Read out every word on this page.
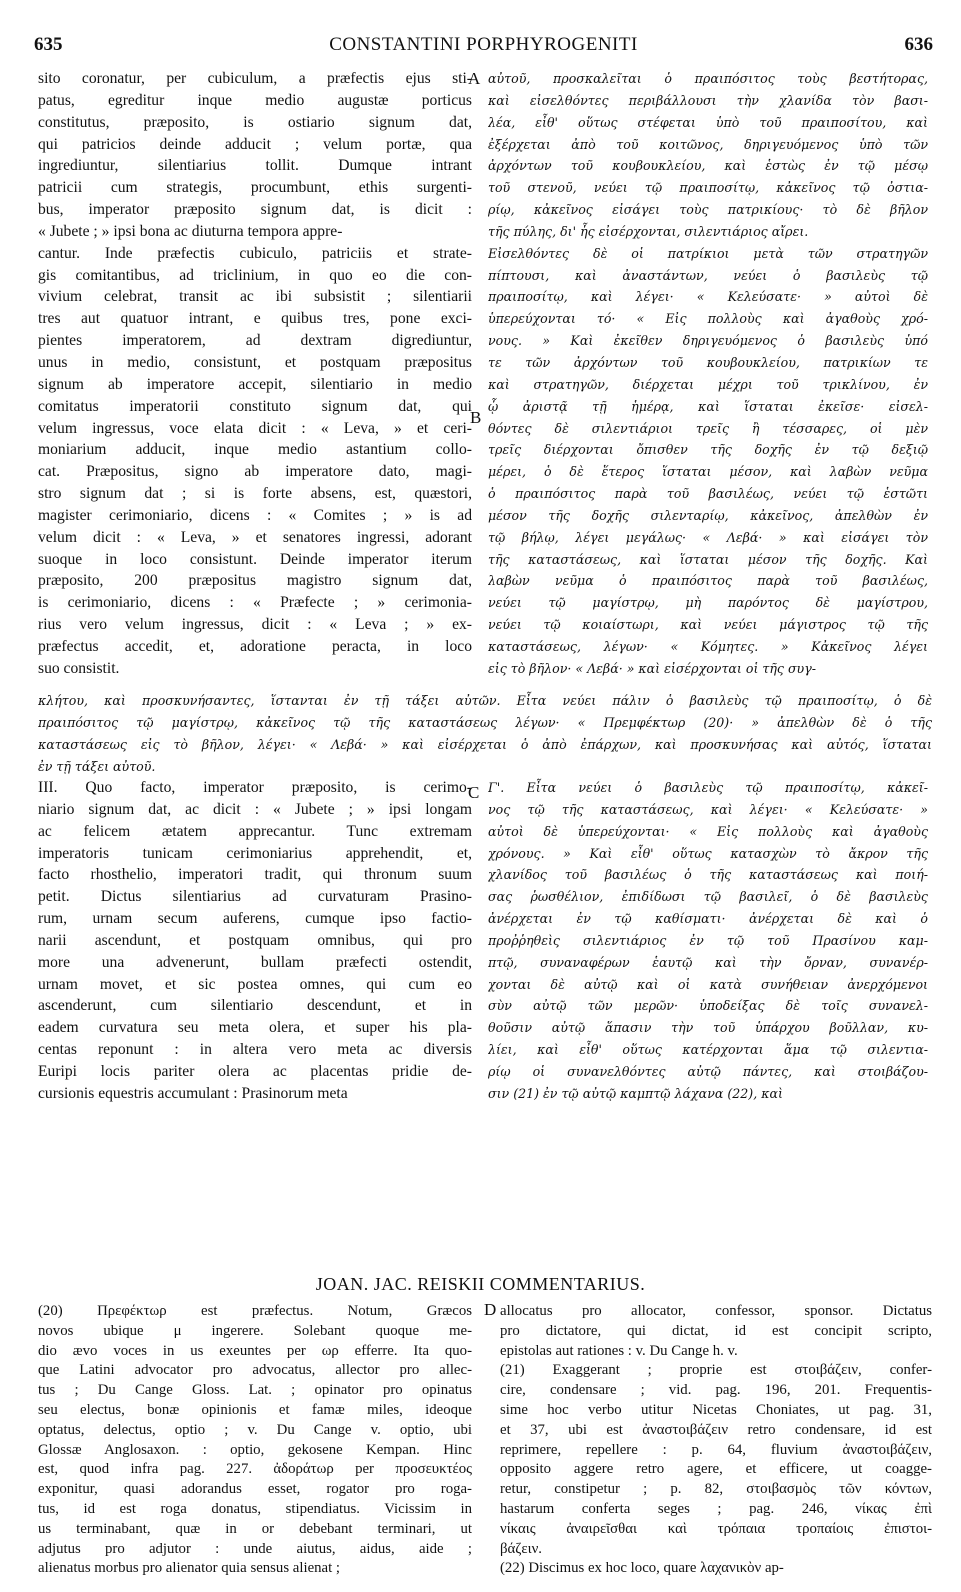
635	CONSTANTINI PORPHYROGENITI	636
sito coronatur, per cubiculum, a præfectis ejus sti-
patus, egreditur inque medio augustæ porticus
constitutus, præposito, is ostiario signum dat,
qui patricios deinde adducit ; velum portæ, qua
ingrediuntur, silentiarius tollit. Dumque intrant
patricii cum strategis, procumbunt, ethis surgenti-
bus, imperator præposito signum dat, is dicit :
« Jubete ; » ipsi bona ac diuturna tempora appre-
cantur. Inde præfectis cubiculo, patriciis et strate-
gis comitantibus, ad triclinium, in quo eo die con-
vivium celebrat, transit ac ibi subsistit ; silentiarii
tres aut quatuor intrant, e quibus tres, pone exci-
pientes imperatorem, ad dextram digrediuntur,
unus in medio, consistunt, et postquam præpositus
signum ab imperatore accepit, silentiario in medio
comitatus imperatorii constituto signum dat, qui
velum ingressus, voce elata dicit : « Leva, » et ceri-
moniarium adducit, inque medio astantium collo-
cat. Præpositus, signo ab imperatore dato, magi-
stro signum dat ; si is forte absens, est, quæstori,
magister cerimoniario, dicens : « Comites ; » is ad
velum dicit : « Leva, » et senatores ingressi, adorant
suoque in loco consistunt. Deinde imperator iterum
præposito, 200 præpositus magistro signum dat,
is cerimoniario, dicens : « Præfecte ; » cerimonia-
rius vero velum ingressus, dicit : « Leva ; » ex-
præfectus accedit, et, adoratione peracta, in loco
suo consistit.
A
B
αὐτοῦ, προσκαλεῖται ὁ πραιπόσιτος τοὺς βεστήτορας,
καὶ εἰσελθόντες περιβάλλουσι τὴν χλανίδα τὸν βασι-
λέα, εἶθ' οὕτως στέφεται ὑπὸ τοῦ πραιποσίτου, καὶ
ἐξέρχεται ἀπὸ τοῦ κοιτῶνος, δηριγευόμενος ὑπὸ τῶν
ἀρχόντων τοῦ κουβουκλείου, καὶ ἑστὼς ἐν τῷ μέσῳ
τοῦ στενοῦ, νεύει τῷ πραιποσίτῳ, κἀκεῖνος τῷ ὀστια-
ρίῳ, κἀκεῖνος εἰσάγει τοὺς πατρικίους· τὸ δὲ βῆλον
τῆς πύλης, δι' ἧς εἰσέρχονται, σιλεντιάριος αἴρει.
Εἰσελθόντες δὲ οἱ πατρίκιοι μετὰ τῶν στρατηγῶν
πίπτουσι, καὶ ἀναστάντων, νεύει ὁ βασιλεὺς τῷ
πραιποσίτῳ, καὶ λέγει· « Κελεύσατε· » αὐτοὶ δὲ
ὑπερεύχονται τό· « Εἰς πολλοὺς καὶ ἀγαθοὺς χρό-
νους. » Καὶ ἐκεῖθεν δηριγευόμενος ὁ βασιλεὺς ὑπό
τε τῶν ἀρχόντων τοῦ κουβουκλείου, πατρικίων τε
καὶ στρατηγῶν, διέρχεται μέχρι τοῦ τρικλίνου, ἐν
ᾧ ἀριστᾷ τῇ ἡμέρᾳ, καὶ ἵσταται ἐκεῖσε· εἰσελ-
θόντες δὲ σιλεντιάριοι τρεῖς ἢ τέσσαρες, οἱ μὲν
τρεῖς διέρχονται ὄπισθεν τῆς δοχῆς ἐν τῷ δεξιῷ
μέρει, ὁ δὲ ἕτερος ἵσταται μέσον, καὶ λαβὼν νεῦμα
ὁ πραιπόσιτος παρὰ τοῦ βασιλέως, νεύει τῷ ἑστῶτι
μέσον τῆς δοχῆς σιλενταρίῳ, κἀκεῖνος, ἀπελθὼν ἐν
τῷ βήλῳ, λέγει μεγάλως· « Λεβά· » καὶ εἰσάγει τὸν
τῆς καταστάσεως, καὶ ἵσταται μέσον τῆς δοχῆς. Καὶ
λαβὼν νεῦμα ὁ πραιπόσιτος παρὰ τοῦ βασιλέως,
νεύει τῷ μαγίστρῳ, μὴ παρόντος δὲ μαγίστρου,
νεύει τῷ κοιαίστωρι, καὶ νεύει μάγιστρος τῷ τῆς
καταστάσεως, λέγων· « Κόμητες. » Κἀκεῖνος λέγει
εἰς τὸ βῆλον· « Λεβά· » καὶ εἰσέρχονται οἱ τῆς συγ-
κλήτου, καὶ προσκυνήσαντες, ἵστανται ἐν τῇ τάξει αὐτῶν. Εἶτα νεύει πάλιν ὁ βασιλεὺς τῷ πραιποσίτῳ, ὁ δὲ
πραιπόσιτος τῷ μαγίστρῳ, κἀκεῖνος τῷ τῆς καταστάσεως λέγων· « Πρεμφέκτωρ (20)· » ἀπελθὼν δὲ ὁ τῆς
καταστάσεως εἰς τὸ βῆλον, λέγει· « Λεβά· » καὶ εἰσέρχεται ὁ ἀπὸ ἐπάρχων, καὶ προσκυνήσας καὶ αὐτός, ἵσταται
ἐν τῇ τάξει αὐτοῦ.
III. Quo facto, imperator præposito, is cerimo-
niario signum dat, ac dicit : « Jubete ; » ipsi longam
ac felicem ætatem apprecantur. Tunc extremam
imperatoris tunicam cerimoniarius apprehendit, et,
facto rhosthelio, imperatori tradit, qui thronum suum
petit. Dictus silentiarius ad curvaturam Prasino-
rum, urnam secum auferens, cumque ipso factio-
narii ascendunt, et postquam omnibus, qui pro
more una advenerunt, bullam præfecti ostendit,
urnam movet, et sic postea omnes, qui cum eo
ascenderunt, cum silentiario descendunt, et in
eadem curvatura seu meta olera, et super his pla-
centas reponunt : in altera vero meta ac diversis
Euripi locis pariter olera ac placentas pridie de-
cursionis equestris accumulant : Prasinorum meta
C Γ'. Εἶτα νεύει ὁ βασιλεὺς τῷ πραιποσίτῳ, κἀκεῖ-
νος τῷ τῆς καταστάσεως, καὶ λέγει· « Κελεύσατε· »
αὐτοὶ δὲ ὑπερεύχονται· « Εἰς πολλοὺς καὶ ἀγαθοὺς
χρόνους. » Καὶ εἶθ' οὕτως κατασχὼν τὸ ἄκρον τῆς
χλανίδος τοῦ βασιλέως ὁ τῆς καταστάσεως καὶ ποιή-
σας ῥωσθέλιον, ἐπιδίδωσι τῷ βασιλεῖ, ὁ δὲ βασιλεὺς
ἀνέρχεται ἐν τῷ καθίσματι· ἀνέρχεται δὲ καὶ ὁ
προῤῥηθεὶς σιλεντιάριος ἐν τῷ τοῦ Πρασίνου καμ-
πτῷ, συναναφέρων ἑαυτῷ καὶ τὴν ὄρναν, συνανέρ-
χονται δὲ αὐτῷ καὶ οἱ κατὰ συνήθειαν ἀνερχόμενοι
σὺν αὐτῷ τῶν μερῶν· ὑποδείξας δὲ τοῖς συνανελ-
θοῦσιν αὐτῷ ἅπασιν τὴν τοῦ ὑπάρχου βοῦλλαν, κυ-
λίει, καὶ εἶθ' οὕτως κατέρχονται ἅμα τῷ σιλεντια-
ρίῳ οἱ συνανελθόντες αὐτῷ πάντες, καὶ στοιβάζου-
σιν (21) ἐν τῷ αὐτῷ καμπτῷ λάχανα (22), καὶ
JOAN. JAC. REISKII COMMENTARIUS.
(20) Πρεφέκτωρ est præfectus. Notum, Græcos
novos ubique μ ingerere. Solebant quoque me-
dio ævo voces in us exeuntes per ωρ efferre. Ita quo-
que Latini advocator pro advocatus, allector pro allec-
tus ; Du Cange Gloss. Lat. ; opinator pro opinatus
seu electus, bonæ opinionis et famæ miles, ideoque
optatus, delectus, optio ; v. Du Cange v. optio, ubi
Glossæ Anglosaxon. : optio, gekosene Kempan. Hinc
est, quod infra pag. 227. ἀδοράτωρ per προσευκτέος
exponitur, quasi adorandus esset, rogator pro roga-
tus, id est roga donatus, stipendiatus. Vicissim in
us terminabant, quæ in or debebant terminari, ut
adjutus pro adjutor : unde aiutus, aidus, aide ;
alienatus morbus pro alienator quia sensus alienat ;
D allocatus pro allocator, confessor, sponsor. Dictatus
pro dictatore, qui dictat, id est concipit scripto,
epistolas aut rationes : v. Du Cange h. v.
(21) Exaggerant ; proprie est στοιβάζειν, confer-
cire, condensare ; vid. pag. 196, 201. Frequentis-
sime hoc verbo utitur Nicetas Choniates, ut pag. 31,
et 37, ubi est ἀναστοιβάζειν retro condensare, id est
reprimere, repellere : p. 64, fluvium ἀναστοιβάζειν,
opposito aggere retro agere, et efficere, ut coagge-
retur, constipetur ; p. 82, στοιβασμὸς τῶν κόντων,
hastarum conferta seges ; pag. 246, νίκας ἐπὶ
νίκαις ἀναιρεῖσθαι καὶ τρόπαια τροπαίοις ἐπιστοι-
βάζειν.
(22) Discimus ex hoc loco, quare λαχανικὸν ap-
